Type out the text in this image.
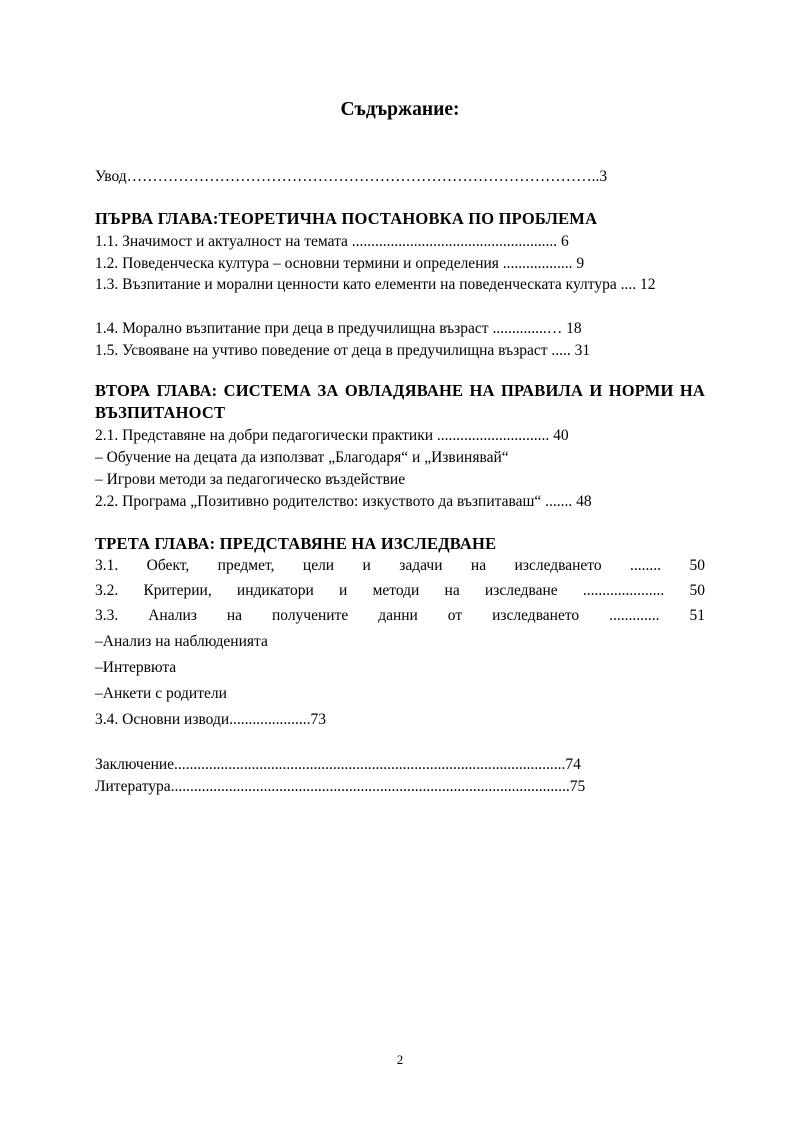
Съдържание:
Увод………………………………………………………………………………..3
ПЪРВА ГЛАВА:ТЕОРЕТИЧНА ПОСТАНОВКА ПО ПРОБЛЕМА
1.1. Значимост и актуалност на темата ..................................................... 6
1.2. Поведенческа култура – основни термини и определения .................. 9
1.3. Възпитание и морални ценности като елементи на поведенческата култура .... 12
1.4. Морално възпитание при деца в предучилищна възраст ..............… 18
1.5. Усвояване на учтиво поведение от деца в предучилищна възраст ..... 31
ВТОРА ГЛАВА: СИСТЕМА ЗА ОВЛАДЯВАНЕ НА ПРАВИЛА И НОРМИ НА ВЪЗПИТАНОСТ
2.1. Представяне на добри педагогически практики ............................. 40
– Обучение на децата да използват „Благодаря“ и „Извинявай“
– Игрови методи за педагогическо въздействие
2.2. Програма „Позитивно родителство: изкуството да възпитаваш“ ....... 48
ТРЕТА ГЛАВА: ПРЕДСТАВЯНЕ НА ИЗСЛЕДВАНЕ
3.1. Обект, предмет, цели и задачи на изследването ........ 50
3.2. Критерии, индикатори и методи на изследване ..................... 50
3.3. Анализ на получените данни от изследването ............. 51
–Анализ на наблюденията
–Интервюта
–Анкети с родители
3.4. Основни изводи.....................73
Заключение.....................................................................................................74
Литература.......................................................................................................75
2
